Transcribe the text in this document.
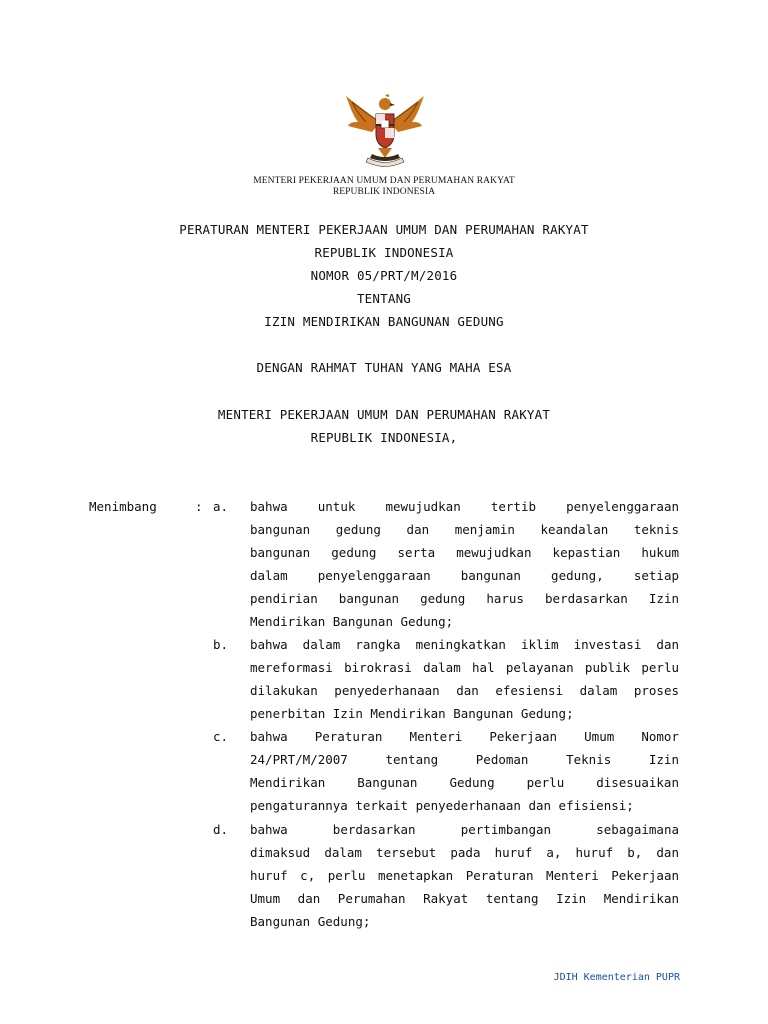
MENTERI PEKERJAAN UMUM DAN PERUMAHAN RAKYAT
REPUBLIK INDONESIA
PERATURAN MENTERI PEKERJAAN UMUM DAN PERUMAHAN RAKYAT
REPUBLIK INDONESIA
NOMOR 05/PRT/M/2016
TENTANG
IZIN MENDIRIKAN BANGUNAN GEDUNG
DENGAN RAHMAT TUHAN YANG MAHA ESA
MENTERI PEKERJAAN UMUM DAN PERUMAHAN RAKYAT
REPUBLIK INDONESIA,
Menimbang	: a. bahwa untuk mewujudkan tertib penyelenggaraan
bangunan gedung dan menjamin keandalan teknis
bangunan gedung serta mewujudkan kepastian hukum
dalam penyelenggaraan bangunan gedung, setiap
pendirian bangunan gedung harus berdasarkan Izin
Mendirikan Bangunan Gedung;
b. bahwa dalam rangka meningkatkan iklim investasi dan
mereformasi birokrasi dalam hal pelayanan publik perlu
dilakukan penyederhanaan dan efesiensi dalam proses
penerbitan Izin Mendirikan Bangunan Gedung;
c. bahwa Peraturan Menteri Pekerjaan Umum Nomor
24/PRT/M/2007 tentang Pedoman Teknis Izin
Mendirikan Bangunan Gedung perlu disesuaikan
pengaturannya terkait penyederhanaan dan efisiensi;
d. bahwa berdasarkan pertimbangan sebagaimana
dimaksud dalam tersebut pada huruf a, huruf b, dan
huruf c, perlu menetapkan Peraturan Menteri Pekerjaan
Umum dan Perumahan Rakyat tentang Izin Mendirikan
Bangunan Gedung;
JDIH Kementerian PUPR
